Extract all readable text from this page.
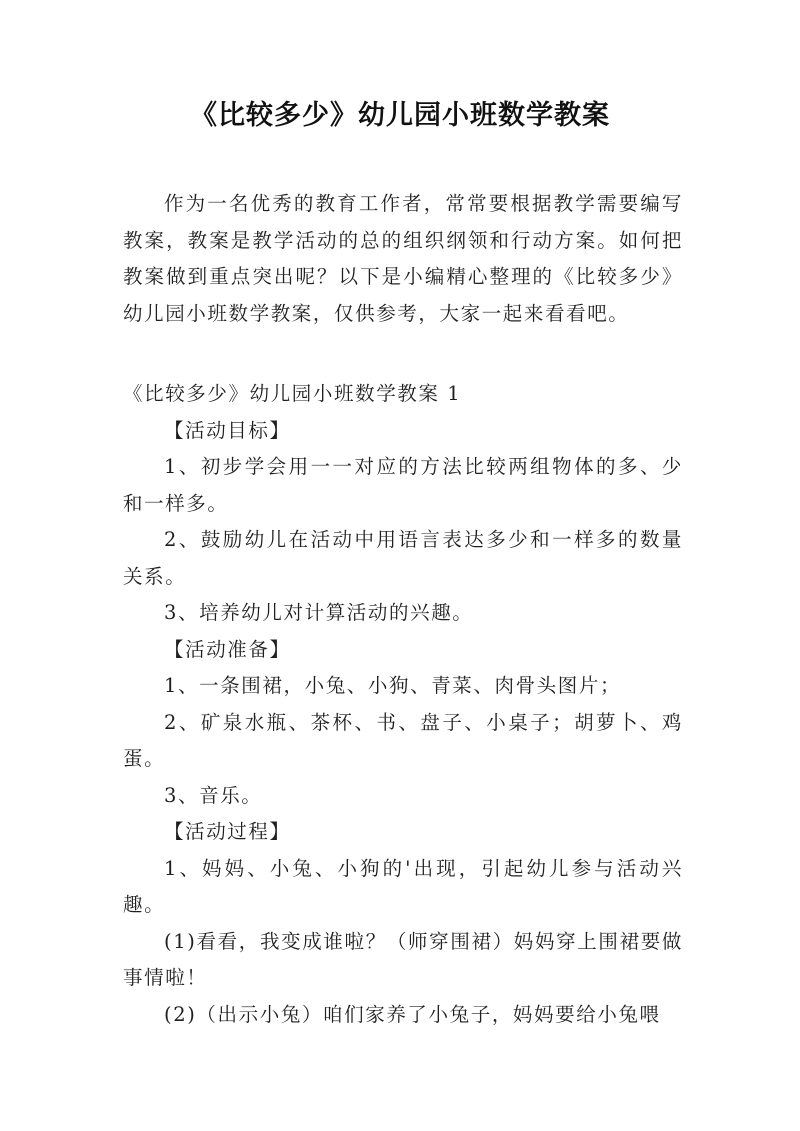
《比较多少》幼儿园小班数学教案

作为一名优秀的教育工作者，常常要根据教学需要编写教案，教案是教学活动的总的组织纲领和行动方案。如何把教案做到重点突出呢？以下是小编精心整理的《比较多少》幼儿园小班数学教案，仅供参考，大家一起来看看吧。

《比较多少》幼儿园小班数学教案 1

【活动目标】

1、初步学会用一一对应的方法比较两组物体的多、少和一样多。

2、鼓励幼儿在活动中用语言表达多少和一样多的数量关系。

3、培养幼儿对计算活动的兴趣。

【活动准备】

1、一条围裙，小兔、小狗、青菜、肉骨头图片；

2、矿泉水瓶、茶杯、书、盘子、小桌子；胡萝卜、鸡蛋。

3、音乐。

【活动过程】

1、妈妈、小兔、小狗的'出现，引起幼儿参与活动兴趣。

(1)看看，我变成谁啦？（师穿围裙）妈妈穿上围裙要做事情啦！

(2)（出示小兔）咱们家养了小兔子，妈妈要给小兔喂
